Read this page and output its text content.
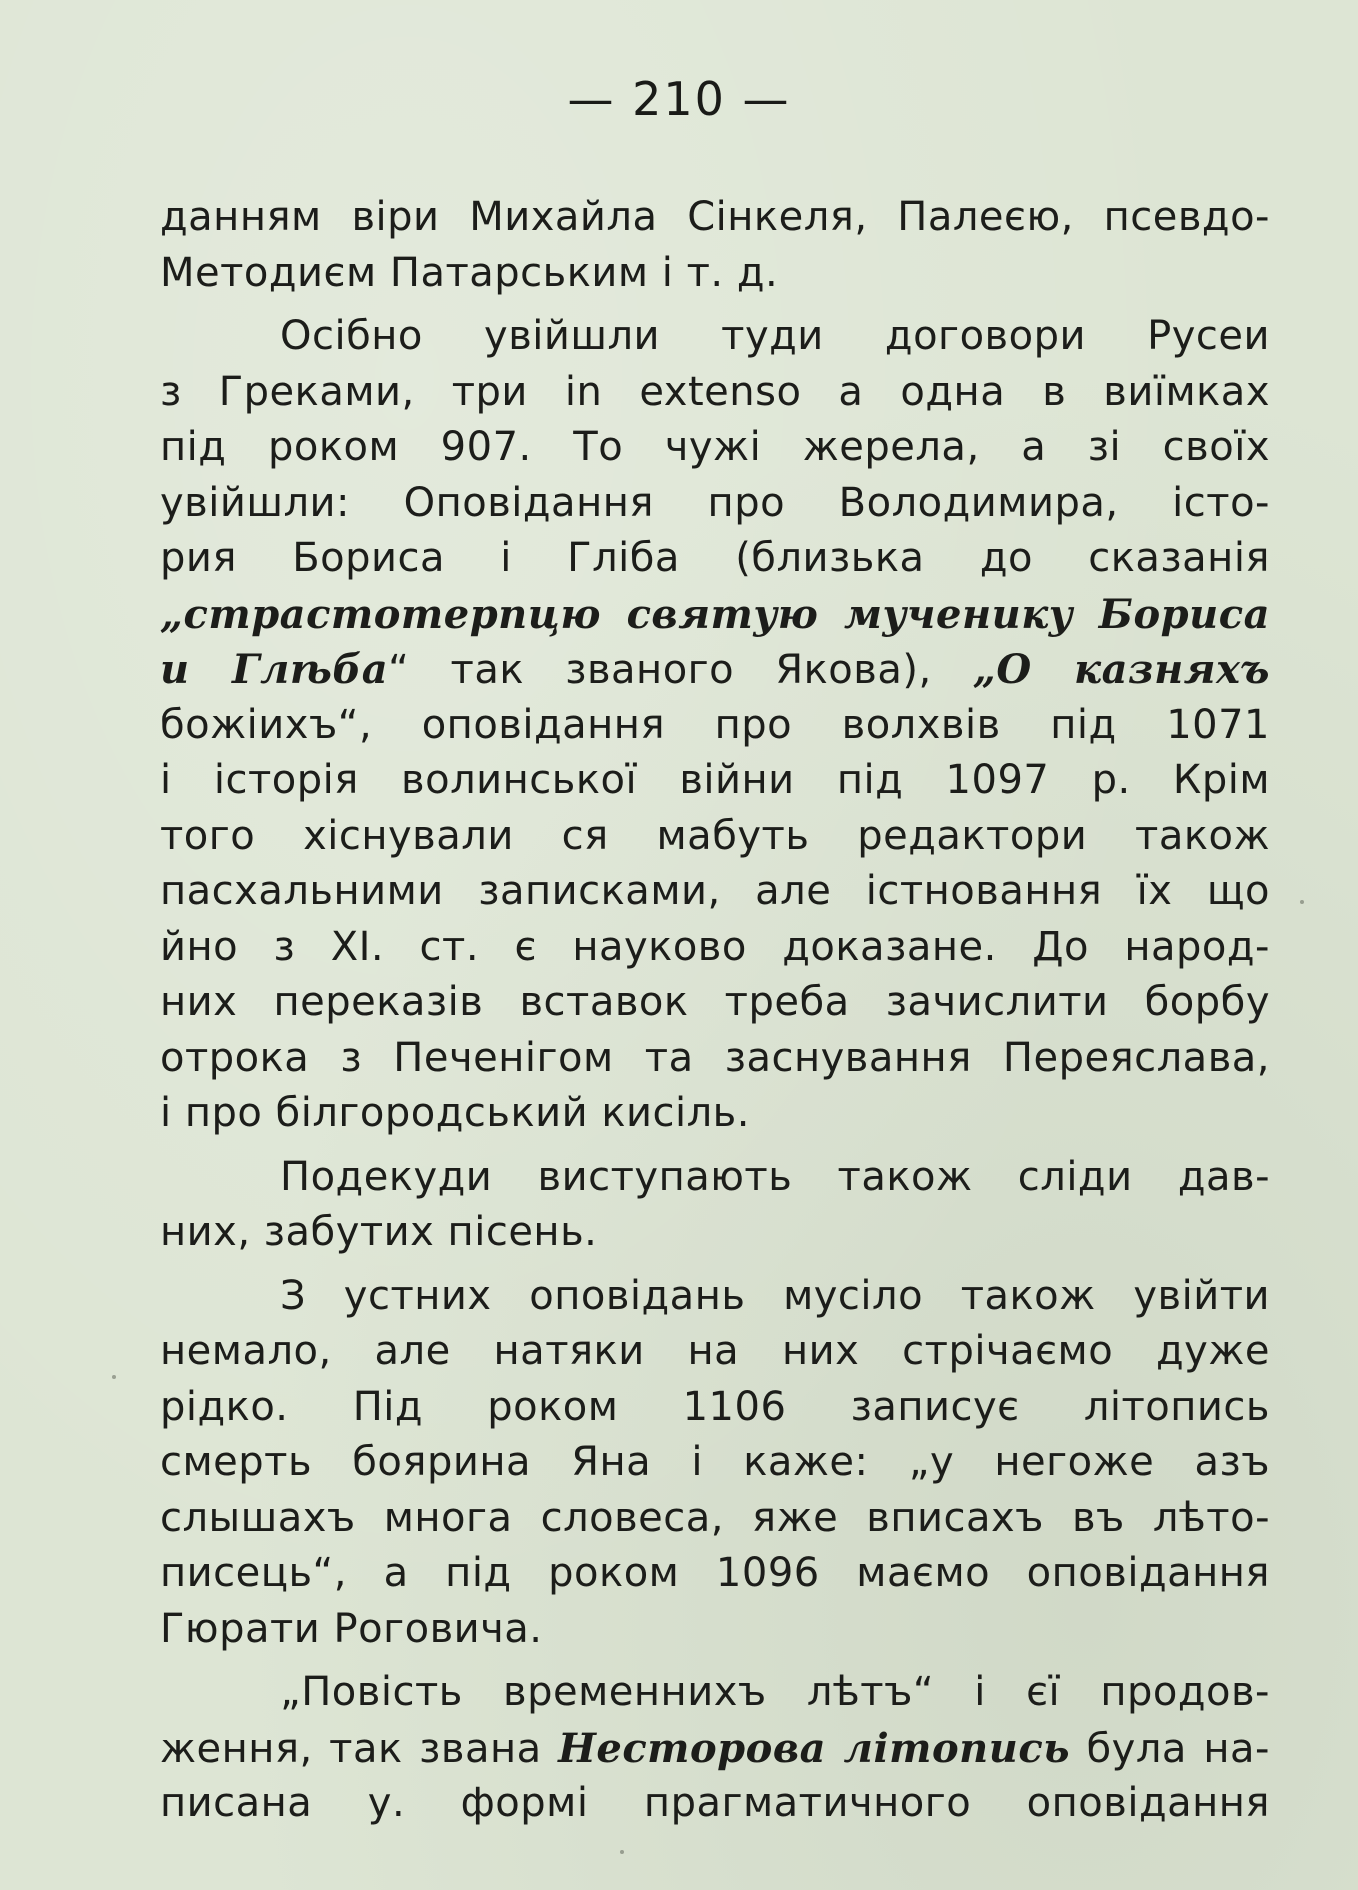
— 210 —
данням віри Михайла Сінкеля, Палеєю, псевдо-
Методиєм Патарським і т. д.
Осібно увійшли туди договори Русеи
з Греками, три in extenso а одна в виїмках
під роком 907. То чужі жерела, а зі своїх
увійшли: Оповідання про Володимира, істо-
рия Бориса і Гліба (близька до сказанія
„страстотерпцю святую мученику Бориса
и Глѣба“ так званого Якова), „О казняхъ
божіихъ“, оповідання про волхвів під 1071
і історія волинської війни під 1097 р. Крім
того хіснували ся мабуть редактори також
пасхальними записками, але істновання їх що
йно з XI. ст. є науково доказане. До народ-
них переказів вставок треба зачислити борбу
отрока з Печенігом та заснування Переяслава,
і про білгородський кисіль.
Подекуди виступають також сліди дав-
них, забутих пісень.
З устних оповідань мусіло також увійти
немало, але натяки на них стрічаємо дуже
рідко. Під роком 1106 записує літопись
смерть боярина Яна і каже: „у негоже азъ
слышахъ многа словеса, яже вписахъ въ лѣто-
писець“, а під роком 1096 маємо оповідання
Гюрати Роговича.
„Повість временнихъ лѣтъ“ і єї продов-
ження, так звана Несторова літопись була на-
писана у. формі прагматичного оповідання
